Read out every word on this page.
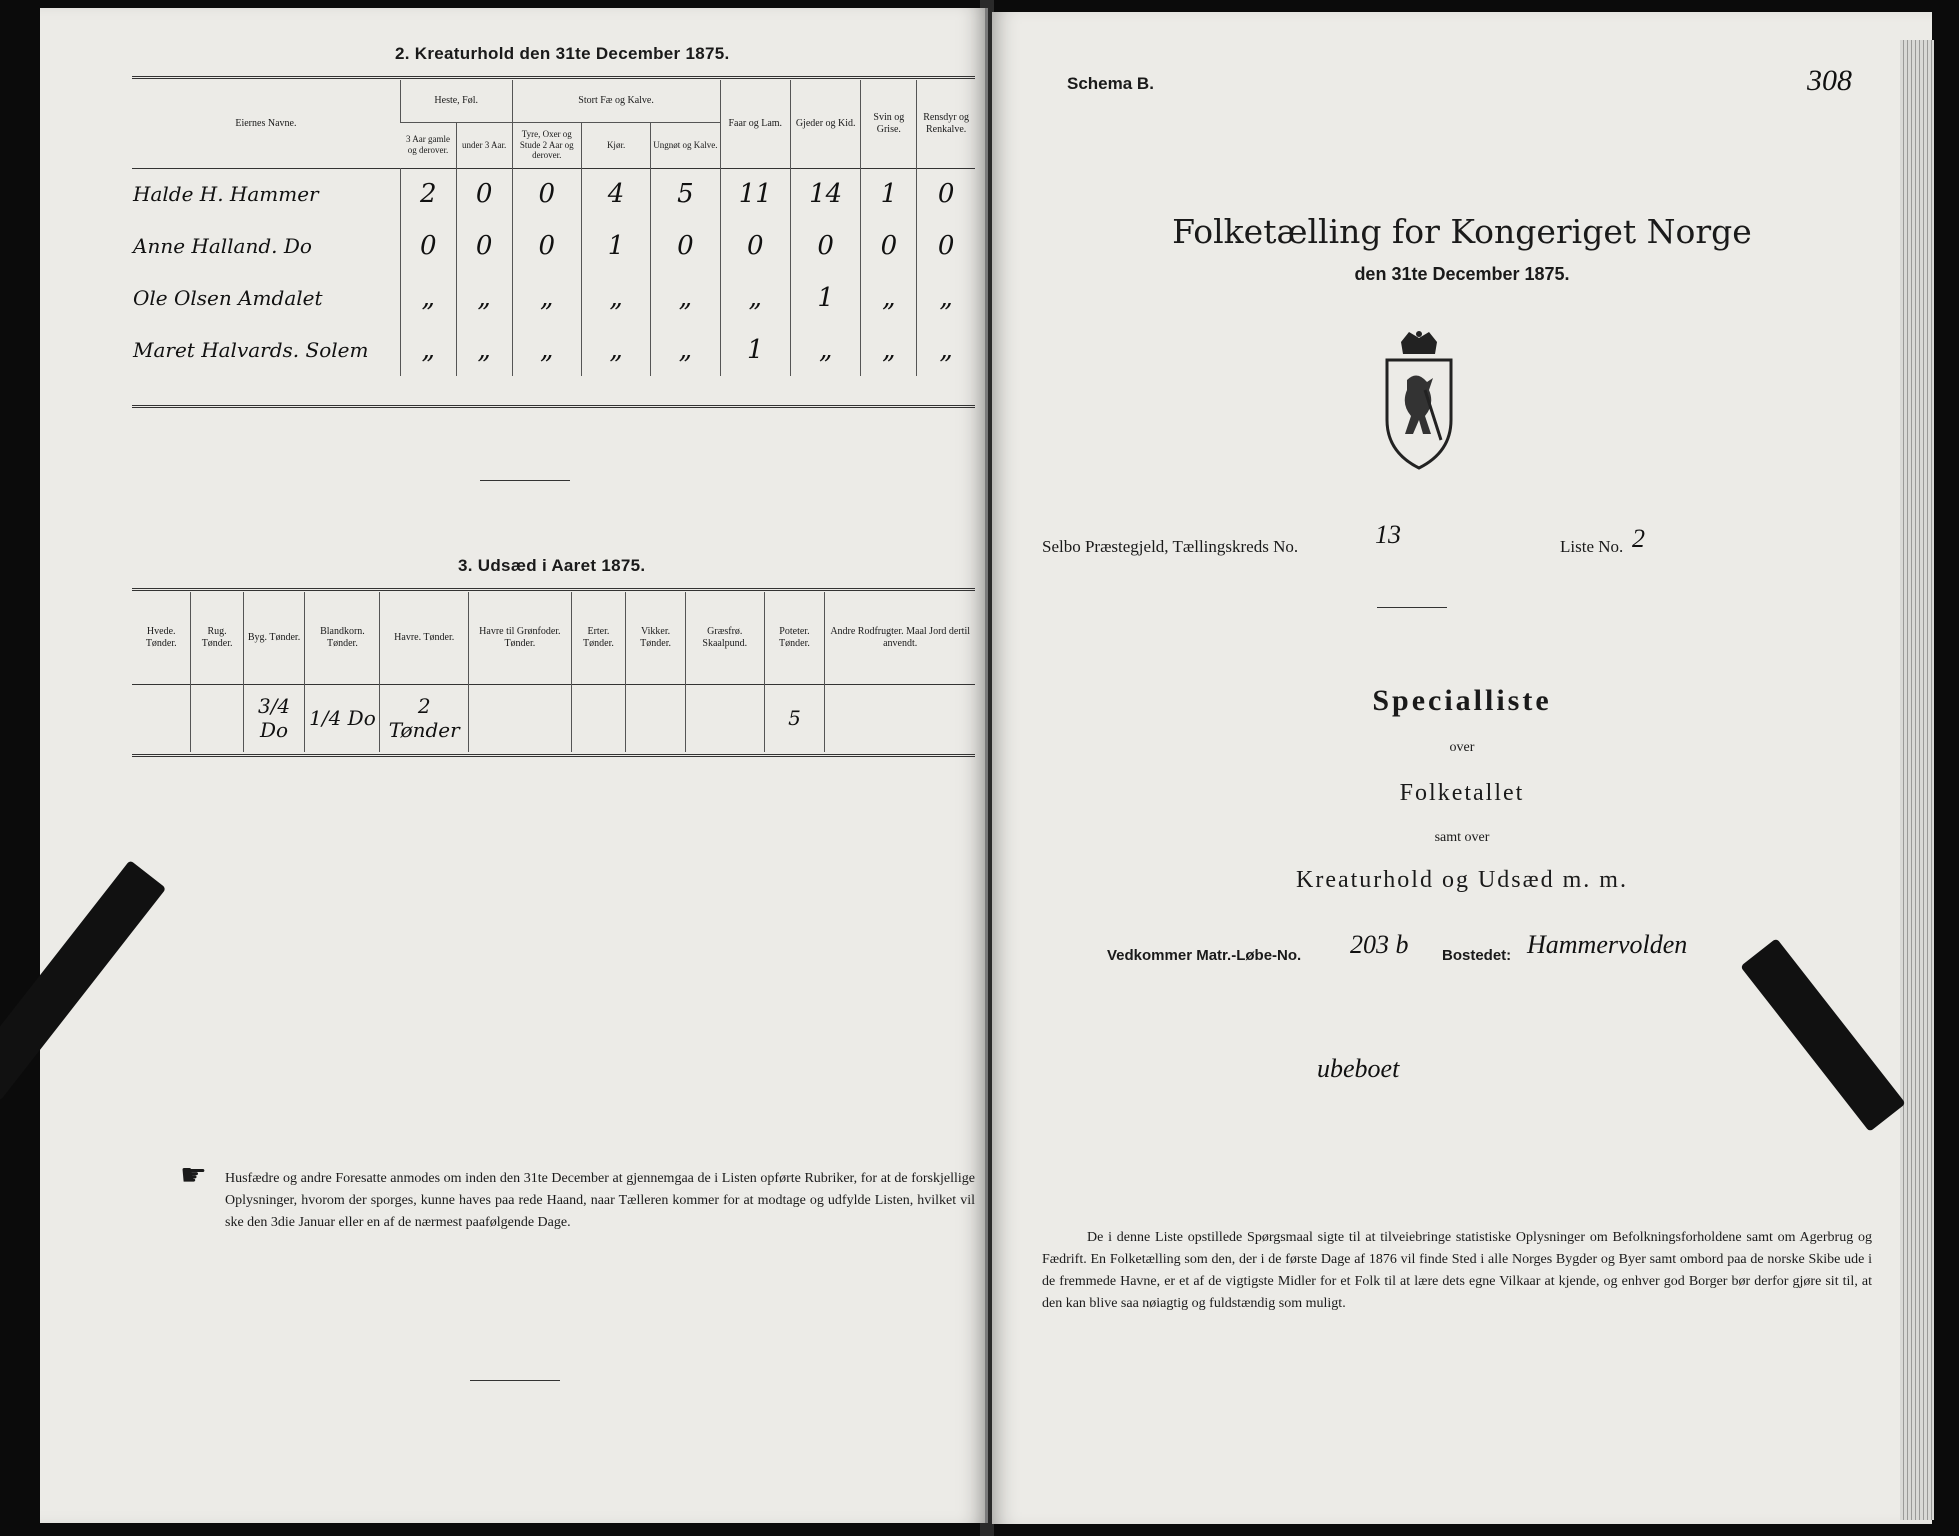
2. Kreaturhold den 31te December 1875.
Eiernes Navne.	Heste, Føl.		Stort Fæ og Kalve.			Faar og Lam.	Gjeder og Kid.	Svin og Grise.	Rensdyr og Renkalve.
	3 Aar gamle og derover.	under 3 Aar.	Tyre, Oxer og Stude 2 Aar og derover.	Kjør.	Ungnøt og Kalve.				
Halde H. Hammer	2	0	0	4	5	11	14	1	0
Anne Halland. Do	0	0	0	1	0	0	0	0	0
Ole Olsen Amdalet	„	„	„	„	„	„	1	„	„
Maret Halvards. Solem	„	„	„	„	„	1	„	„	„
3. Udsæd i Aaret 1875.
Hvede. Tønder.	Rug. Tønder.	Byg. Tønder.	Blandkorn. Tønder.	Havre. Tønder.	Havre til Grønfoder. Tønder.	Erter. Tønder.	Vikker. Tønder.	Græsfrø. Skaalpund.	Poteter. Tønder.	Andre Rodfrugter. Maal Jord dertil anvendt.
		3/4 Do	1/4 Do	2 Tønder					5	
☛ Husfædre og andre Foresatte anmodes om inden den 31te December at gjennemgaa de i Listen opførte Rubriker, for at de forskjellige Oplysninger, hvorom der sporges, kunne haves paa rede Haand, naar Tælleren kommer for at modtage og udfylde Listen, hvilket vil ske den 3die Januar eller en af de nærmest paafølgende Dage.
Schema B.	308
Folketælling for Kongeriget Norge
den 31te December 1875.
Selbo Præstegjeld, Tællingskreds No.	13	Liste No. 2
Specialliste
over
Folketallet
samt over
Kreaturhold og Udsæd m. m.
Vedkommer Matr.-Løbe-No. 203 b Bostedet: Hammervolden
ubeboet
De i denne Liste opstillede Spørgsmaal sigte til at tilveiebringe statistiske Oplysninger om Befolkningsforholdene samt om Agerbrug og Fædrift. En Folketælling som den, der i de første Dage af 1876 vil finde Sted i alle Norges Bygder og Byer samt ombord paa de norske Skibe ude i de fremmede Havne, er et af de vigtigste Midler for et Folk til at lære dets egne Vilkaar at kjende, og enhver god Borger bør derfor gjøre sit til, at den kan blive saa nøiagtig og fuldstændig som muligt.
